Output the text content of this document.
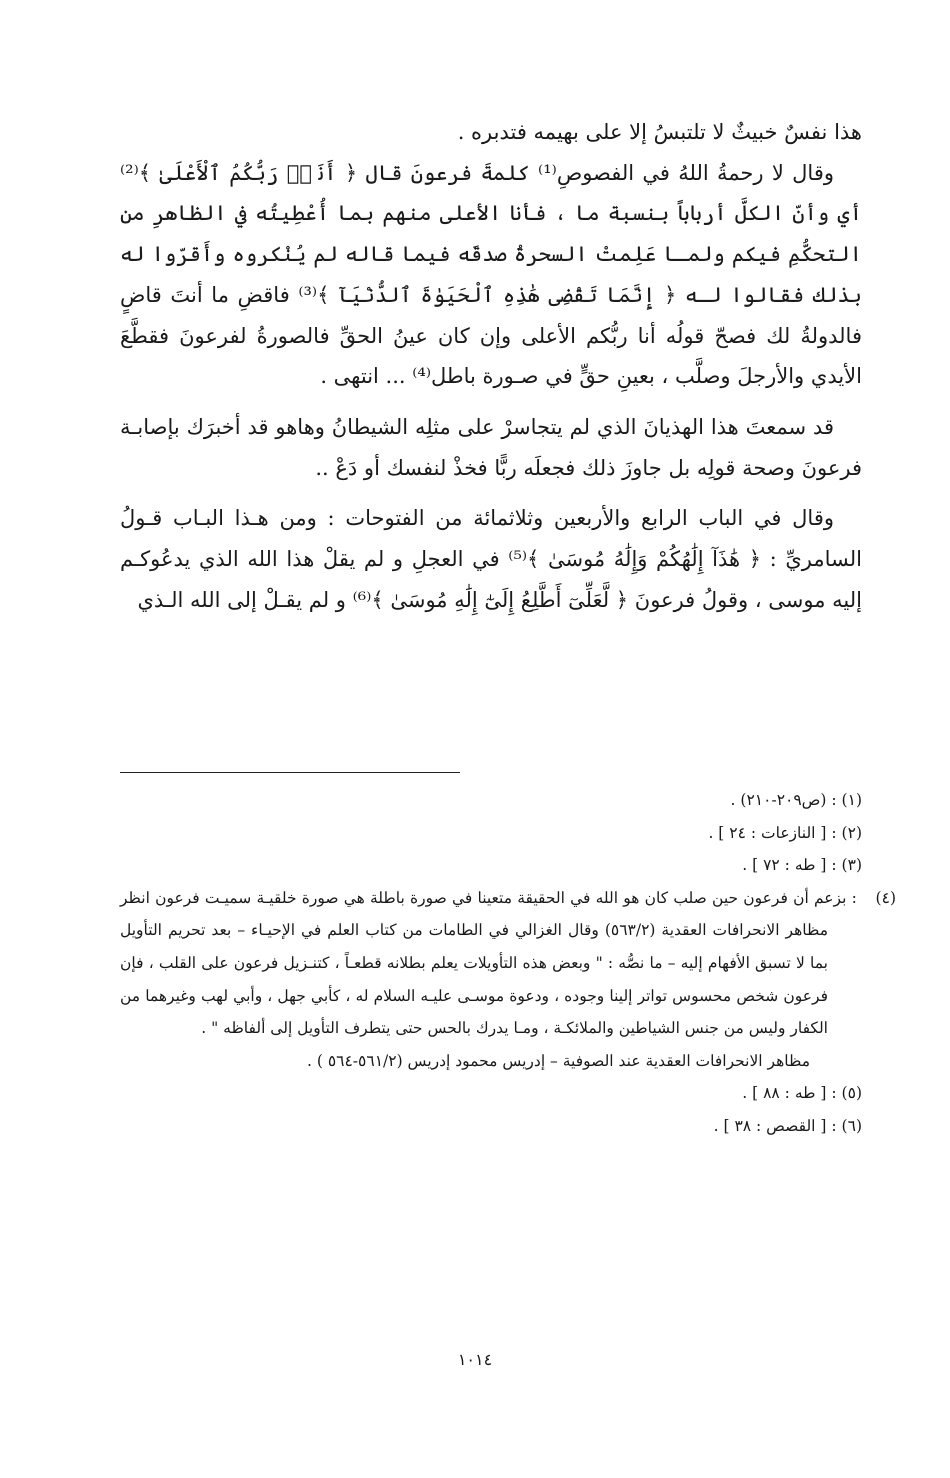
هذا نفسٌ خبيثٌ لا تلتبسُ إلا على بهيمه فتدبره .

وقال لا رحمةُ اللهُ في الفصوصِ⁽¹⁾ كلمةَ فرعونَ قال ﴿ أَنَا۠ رَبُّكُمُ ٱلْأَعْلَىٰ ﴾⁽²⁾ أي وأنّ الكلَّ أرباباً بنسبة ما ، فأنا الأعلى منهم بما أُعْطِيتُه في الظاهرِ من التحكُّمِ فيكم ولمـا عَلِمتْ السحرةُ صدقَه فيما قاله لم يُنْكروه وأَقرّوا له بذلك فقالوا لـه ﴿ إِنَّمَا تَقْضِى هَٰذِهِ ٱلْحَيَوٰةَ ٱلدُّنْيَآ ﴾⁽³⁾ فاقضِ ما أنتَ قاضٍ فالدولةُ لك فصحّ قولُه أنا ربُّكم الأعلى وإن كان عينُ الحقِّ فالصورةُ لفرعونَ فقطَّعَ الأيدي والأرجلَ وصلَّب ، بعينِ حقٍّ في صـورة باطل⁽⁴⁾ ... انتهى .

قد سمعتَ هذا الهذيانَ الذي لم يتجاسرْ على مثلِه الشيطانُ وهاهو قد أخبرَك بإصابـة فرعونَ وصحة قولِه بل جاوزَ ذلك فجعلَه ربًّا فخذْ لنفسك أو دَعْ ..

وقال في الباب الرابع والأربعين وثلاثمائة من الفتوحات : ومن هـذا البـاب قـولُ السامريِّ : ﴿ هَٰذَآ إِلَٰهُكُمْ وَإِلَٰهُ مُوسَىٰ ﴾⁽⁵⁾ في العجلِ و لم يقلْ هذا الله الذي يدعُوكـم إليه موسى ، وقولُ فرعونَ ﴿ لَّعَلِّىٓ أَطَّلِعُ إِلَىٰٓ إِلَٰهِ مُوسَىٰ ﴾⁽⁶⁾ و لم يقـلْ إلى الله الـذي

(١) : (ص٢٠٩-٢١٠) .

(٢) : [ النازعات : ٢٤ ] .

(٣) : [ طه : ٧٢ ] .

(٤) : بزعم أن فرعون حين صلب كان هو الله في الحقيقة متعينا في صورة باطلة هي صورة خلقيـة سميـت فرعون انظر مظاهر الانحرافات العقدية (٥٦٣/٢) وقال الغزالي في الطامات من كتاب العلم في الإحيـاء – بعد تحريم التأويل بما لا تسبق الأفهام إليه – ما نصُّه : " وبعض هذه التأويلات يعلم بطلانه قطعـاً ، كتنـزيل فرعون على القلب ، فإن فرعون شخص محسوس تواتر إلينا وجوده ، ودعوة موسـى عليـه السلام له ، كأبي جهل ، وأبي لهب وغيرهما من الكفار وليس من جنس الشياطين والملائكـة ، ومـا يدرك بالحس حتى يتطرف التأويل إلى ألفاظه " .

مظاهر الانحرافات العقدية عند الصوفية – إدريس محمود إدريس (٥٦١/٢-٥٦٤ ) .

(٥) : [ طه : ٨٨ ] .

(٦) : [ القصص : ٣٨ ] .

١٠١٤
